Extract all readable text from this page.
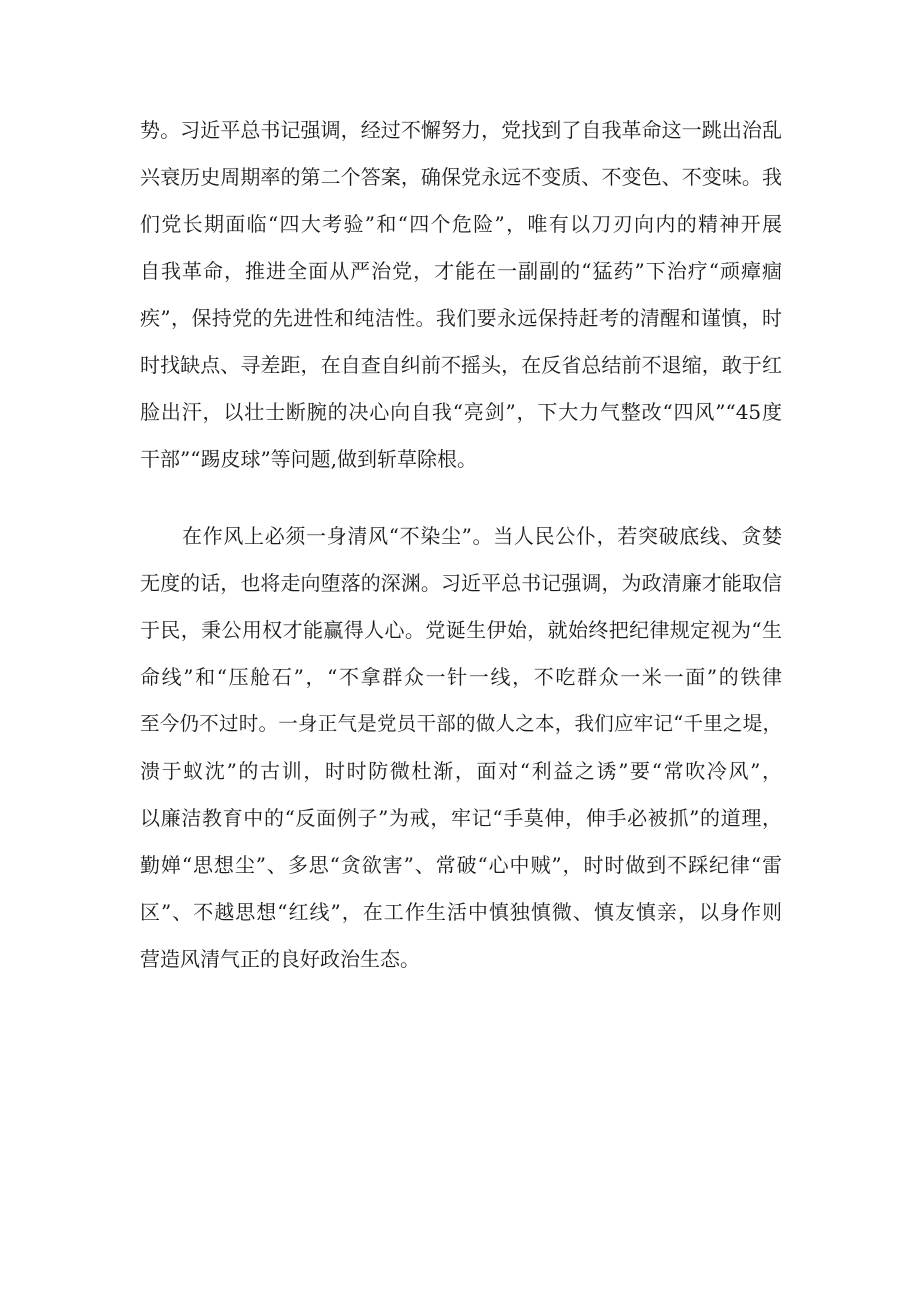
势。习近平总书记强调，经过不懈努力，党找到了自我革命这一跳出治乱

兴衰历史周期率的第二个答案，确保党永远不变质、不变色、不变味。我

们党长期面临“四大考验”和“四个危险”，唯有以刀刃向内的精神开展

自我革命，推进全面从严治党，才能在一副副的“猛药”下治疗“顽瘴痼

疾”，保持党的先进性和纯洁性。我们要永远保持赶考的清醒和谨慎，时

时找缺点、寻差距，在自查自纠前不摇头，在反省总结前不退缩，敢于红

脸出汗，以壮士断腕的决心向自我“亮剑”，下大力气整改“四风”“45度

干部”“踢皮球”等问题,做到斩草除根。

在作风上必须一身清风“不染尘”。当人民公仆，若突破底线、贪婪

无度的话，也将走向堕落的深渊。习近平总书记强调，为政清廉才能取信

于民，秉公用权才能赢得人心。党诞生伊始，就始终把纪律规定视为“生

命线”和“压舱石”，“不拿群众一针一线，不吃群众一米一面”的铁律

至今仍不过时。一身正气是党员干部的做人之本，我们应牢记“千里之堤，

溃于蚁沈”的古训，时时防微杜渐，面对“利益之诱”要“常吹冷风”，

以廉洁教育中的“反面例子”为戒，牢记“手莫伸，伸手必被抓”的道理，

勤婵“思想尘”、多思“贪欲害”、常破“心中贼”，时时做到不踩纪律“雷

区”、不越思想“红线”，在工作生活中慎独慎微、慎友慎亲，以身作则

营造风清气正的良好政治生态。
